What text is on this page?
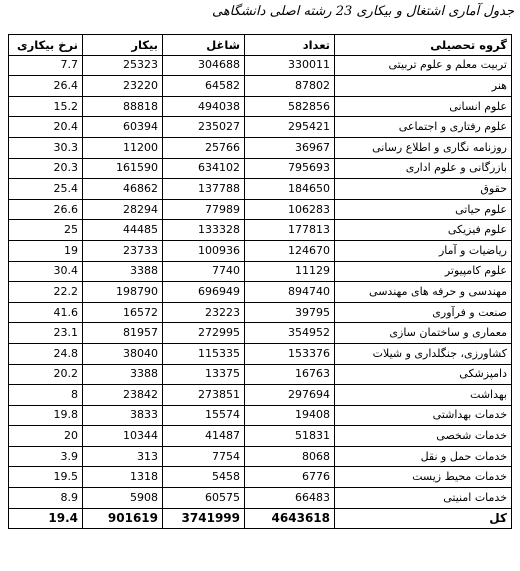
جدول آماری اشتغال و بیکاری 23 رشته اصلی دانشگاهی
نرخ بیکاری	بیکار	شاغل	تعداد	گروه تحصیلی
7.7	25323	304688	330011	تربیت معلم و علوم تربیتی
26.4	23220	64582	87802	هنر
15.2	88818	494038	582856	علوم انسانی
20.4	60394	235027	295421	علوم رفتاری و اجتماعی
30.3	11200	25766	36967	روزنامه نگاری و اطلاع رسانی
20.3	161590	634102	795693	بازرگانی و علوم اداری
25.4	46862	137788	184650	حقوق
26.6	28294	77989	106283	علوم حیاتی
25	44485	133328	177813	علوم فیزیکی
19	23733	100936	124670	ریاضیات و آمار
30.4	3388	7740	11129	علوم کامپیوتر
22.2	198790	696949	894740	مهندسی و حرفه های مهندسی
41.6	16572	23223	39795	صنعت و فرآوری
23.1	81957	272995	354952	معماری و ساختمان سازی
24.8	38040	115335	153376	کشاورزی، جنگلداری و شیلات
20.2	3388	13375	16763	دامپزشکی
8	23842	273851	297694	بهداشت
19.8	3833	15574	19408	خدمات بهداشتی
20	10344	41487	51831	خدمات شخصی
3.9	313	7754	8068	خدمات حمل و نقل
19.5	1318	5458	6776	خدمات محیط زیست
8.9	5908	60575	66483	خدمات امنیتی
19.4	901619	3741999	4643618	کل
